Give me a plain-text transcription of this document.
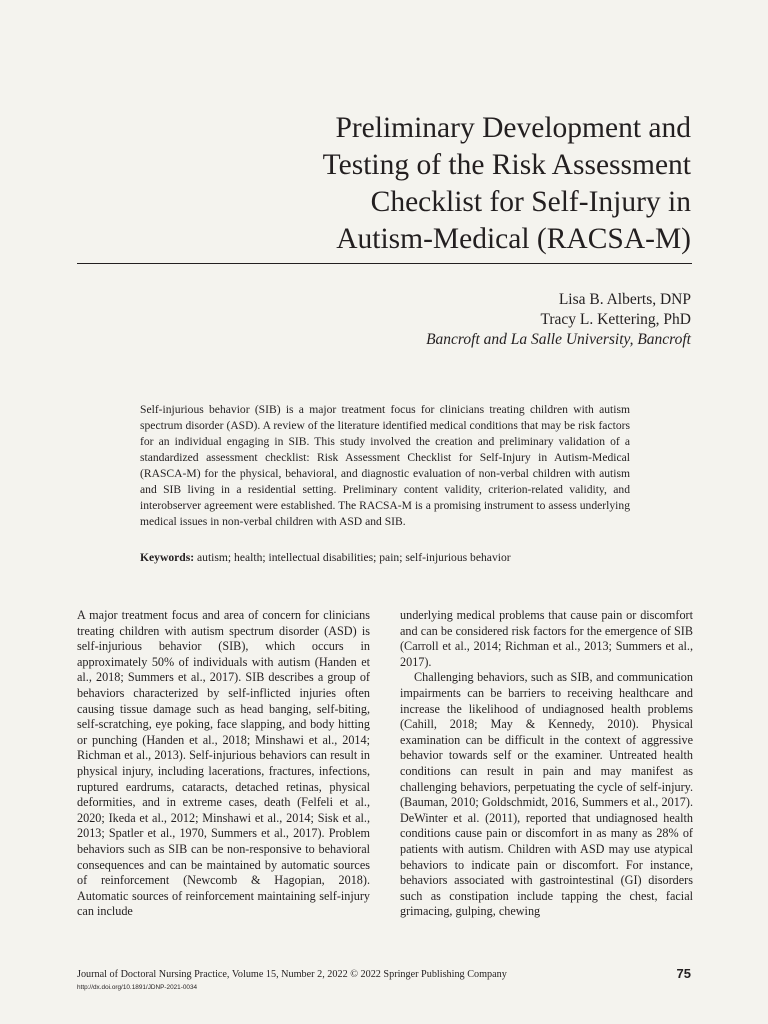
Preliminary Development and
Testing of the Risk Assessment
Checklist for Self-Injury in
Autism-Medical (RACSA-M)
Lisa B. Alberts, DNP
Tracy L. Kettering, PhD
Bancroft and La Salle University, Bancroft

Self-injurious behavior (SIB) is a major treatment focus for clinicians treating children with autism spectrum disorder (ASD). A review of the literature identified medical conditions that may be risk factors for an individual engaging in SIB. This study involved the creation and preliminary validation of a standardized assessment checklist: Risk Assessment Checklist for Self-Injury in Autism-Medical (RASCA-M) for the physical, behavioral, and diagnostic evaluation of non-verbal children with autism and SIB living in a residential setting. Preliminary content validity, criterion-related validity, and interobserver agreement were established. The RACSA-M is a promising instrument to assess underlying medical issues in non-verbal children with ASD and SIB.

Keywords: autism; health; intellectual disabilities; pain; self-injurious behavior

A major treatment focus and area of concern for clinicians treating children with autism spectrum disorder (ASD) is self-injurious behavior (SIB), which occurs in approximately 50% of individuals with autism (Handen et al., 2018; Summers et al., 2017). SIB describes a group of behaviors characterized by self-inflicted injuries often causing tissue damage such as head banging, self-biting, self-scratching, eye poking, face slapping, and body hitting or punching (Handen et al., 2018; Minshawi et al., 2014; Richman et al., 2013). Self-injurious behaviors can result in physical injury, including lacerations, fractures, infections, ruptured eardrums, cataracts, detached retinas, physical deformities, and in extreme cases, death (Felfeli et al., 2020; Ikeda et al., 2012; Minshawi et al., 2014; Sisk et al., 2013; Spatler et al., 1970, Summers et al., 2017). Problem behaviors such as SIB can be non-responsive to behavioral consequences and can be maintained by automatic sources of reinforcement (Newcomb & Hagopian, 2018). Automatic sources of reinforcement maintaining self-injury can include

underlying medical problems that cause pain or discomfort and can be considered risk factors for the emergence of SIB (Carroll et al., 2014; Richman et al., 2013; Summers et al., 2017).

Challenging behaviors, such as SIB, and communication impairments can be barriers to receiving healthcare and increase the likelihood of undiagnosed health problems (Cahill, 2018; May & Kennedy, 2010). Physical examination can be difficult in the context of aggressive behavior towards self or the examiner. Untreated health conditions can result in pain and may manifest as challenging behaviors, perpetuating the cycle of self-injury. (Bauman, 2010; Goldschmidt, 2016, Summers et al., 2017). DeWinter et al. (2011), reported that undiagnosed health conditions cause pain or discomfort in as many as 28% of patients with autism. Children with ASD may use atypical behaviors to indicate pain or discomfort. For instance, behaviors associated with gastrointestinal (GI) disorders such as constipation include tapping the chest, facial grimacing, gulping, chewing

Journal of Doctoral Nursing Practice, Volume 15, Number 2, 2022 © 2022 Springer Publishing Company
http://dx.doi.org/10.1891/JDNP-2021-0034
75
